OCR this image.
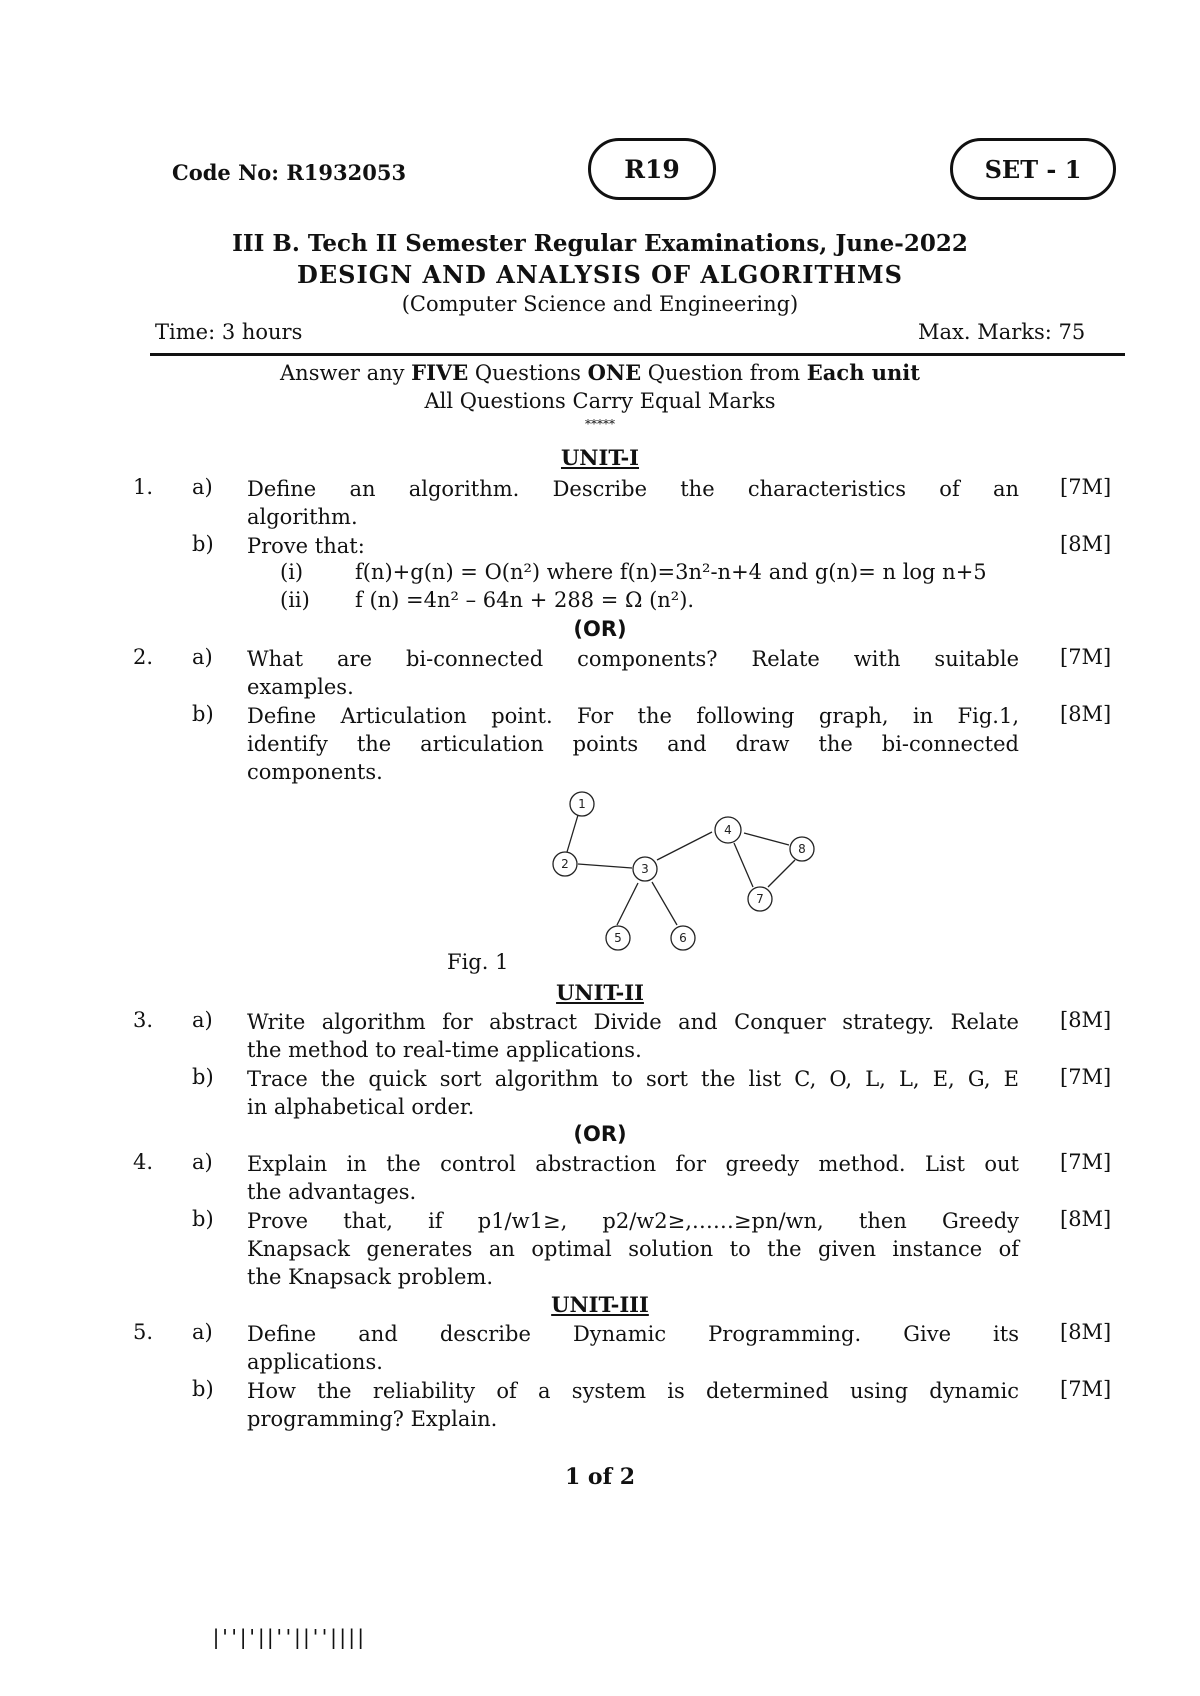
Code No: R1932053	R19	SET - 1
III B. Tech II Semester Regular Examinations, June-2022
DESIGN AND ANALYSIS OF ALGORITHMS
(Computer Science and Engineering)
Time: 3 hours	Max. Marks: 75
Answer any FIVE Questions ONE Question from Each unit
All Questions Carry Equal Marks
*****
UNIT-I
1. a) Define an algorithm. Describe the characteristics of an
algorithm.
[7M]
b) Prove that:	[8M]
(i) f(n)+g(n) = O(n²) where f(n)=3n²-n+4 and g(n)= n log n+5
(ii) f (n) =4n² – 64n + 288 = Ω (n²).
(OR)
2. a) What are bi-connected components? Relate with suitable
examples.
[7M]
b) Define Articulation point. For the following graph, in Fig.1,
identify the articulation points and draw the bi-connected
components.
[8M]
1
2	3
4
5	6
7
8
Fig. 1
UNIT-II
3. a) Write algorithm for abstract Divide and Conquer strategy. Relate
the method to real-time applications.
[8M]
b) Trace the quick sort algorithm to sort the list C, O, L, L, E, G, E
in alphabetical order.
[7M]
(OR)
4. a) Explain in the control abstraction for greedy method. List out
the advantages.
[7M]
b) Prove that, if p1/w1≥, p2/w2≥,……≥pn/wn, then Greedy
Knapsack generates an optimal solution to the given instance of
the Knapsack problem.
[8M]
UNIT-III
5. a) Define and describe Dynamic Programming. Give its
applications.
[8M]
b) How the reliability of a system is determined using dynamic
programming? Explain.
[7M]
1 of 2
|''|'||''||''||||
